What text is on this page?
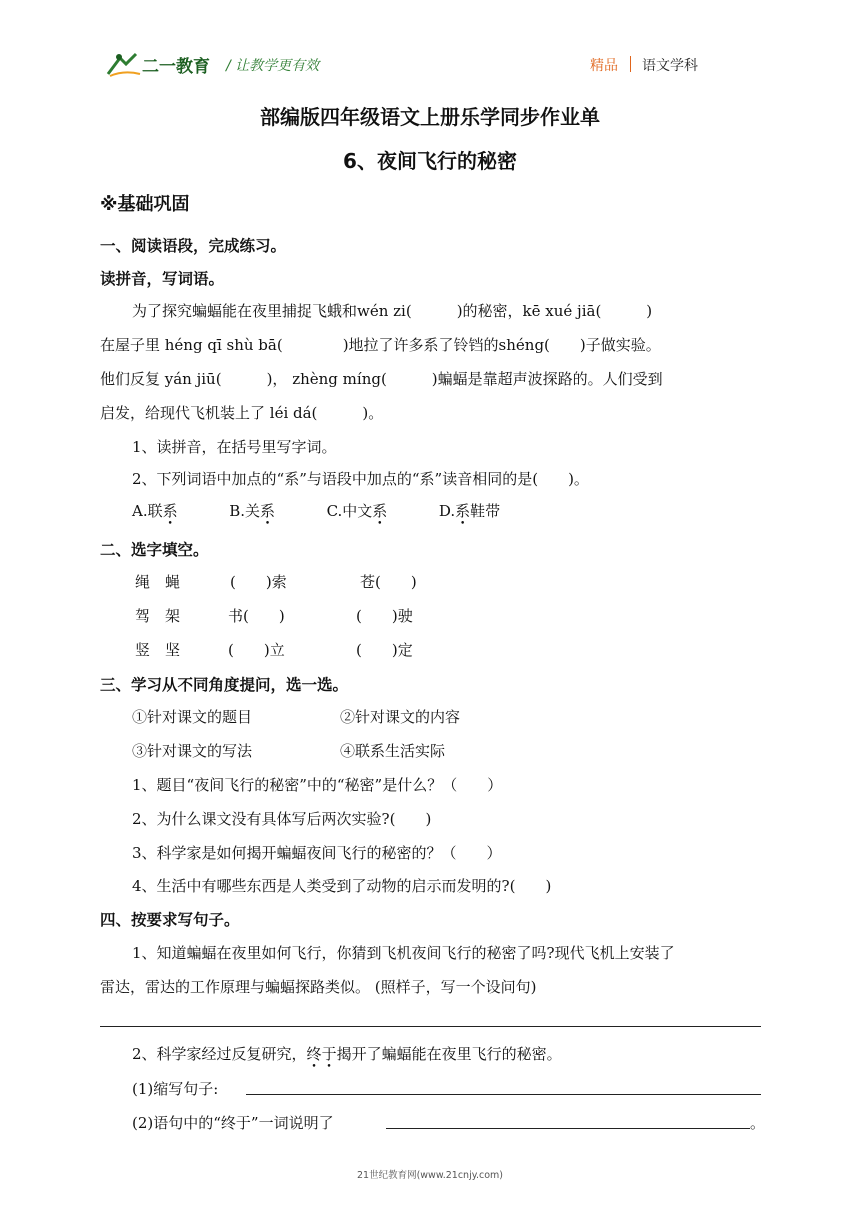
二一教育 / 让教学更有效	精品 语文学科
部编版四年级语文上册乐学同步作业单
6、夜间飞行的秘密
※基础巩固
一、阅读语段，完成练习。
读拼音，写词语。
为了探究蝙蝠能在夜里捕捉飞蛾和wén zi(　　　)的秘密，kē xué jiā(　　　)
在屋子里 héng qī shù bā(　　　　)地拉了许多系了铃铛的shéng(　　)子做实验。
他们反复 yán jiū(　　　)， zhèng míng(　　　)蝙蝠是靠超声波探路的。人们受到
启发，给现代飞机装上了 léi dá(　　　)。
1、读拼音，在括号里写字词。
2、下列词语中加点的“系”与语段中加点的“系”读音相同的是(　　)。
A.联系	B.关系	C.中文系	D.系鞋带
二、选字填空。
绳　蝇	(　　)索	苍(　　)
驾　架	书(　　)	(　　)驶
竖　坚	(　　)立	(　　)定
三、学习从不同角度提问，选一选。
①针对课文的题目	②针对课文的内容
③针对课文的写法	④联系生活实际
1、题目“夜间飞行的秘密”中的“秘密”是什么？（　　）
2、为什么课文没有具体写后两次实验?(　　)
3、科学家是如何揭开蝙蝠夜间飞行的秘密的？（　　）
4、生活中有哪些东西是人类受到了动物的启示而发明的?(　　)
四、按要求写句子。
1、知道蝙蝠在夜里如何飞行，你猜到飞机夜间飞行的秘密了吗?现代飞机上安装了
雷达，雷达的工作原理与蝙蝠探路类似。 (照样子，写一个设问句)
2、科学家经过反复研究，终于揭开了蝙蝠能在夜里飞行的秘密。
(1)缩写句子:
(2)语句中的“终于”一词说明了	。
21世纪教育网(www.21cnjy.com)
